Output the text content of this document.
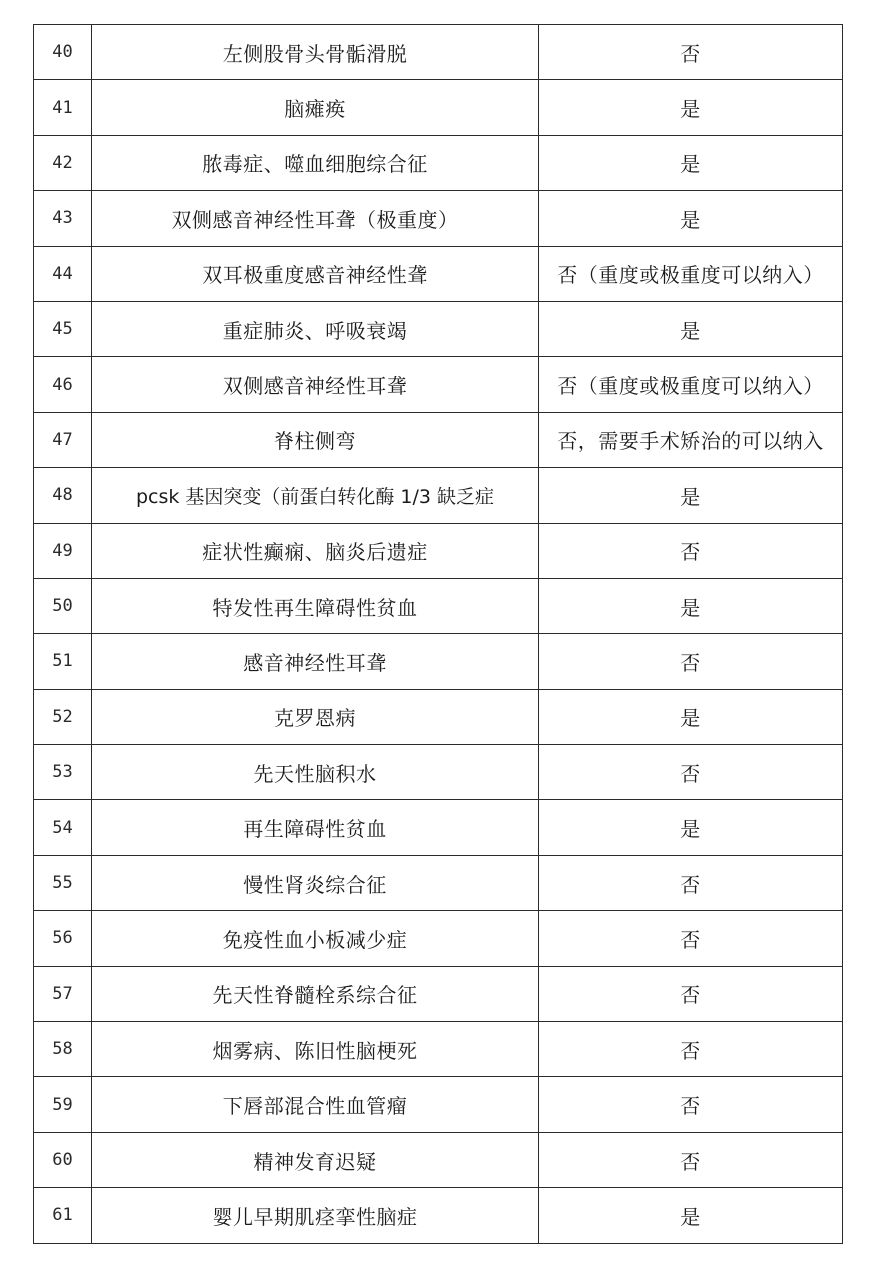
40	左侧股骨头骨骺滑脱	否
41	脑瘫痪	是
42	脓毒症、噬血细胞综合征	是
43	双侧感音神经性耳聋（极重度）	是
44	双耳极重度感音神经性聋	否（重度或极重度可以纳入）
45	重症肺炎、呼吸衰竭	是
46	双侧感音神经性耳聋	否（重度或极重度可以纳入）
47	脊柱侧弯	否，需要手术矫治的可以纳入
48	pcsk 基因突变（前蛋白转化酶 1/3 缺乏症	是
49	症状性癫痫、脑炎后遗症	否
50	特发性再生障碍性贫血	是
51	感音神经性耳聋	否
52	克罗恩病	是
53	先天性脑积水	否
54	再生障碍性贫血	是
55	慢性肾炎综合征	否
56	免疫性血小板减少症	否
57	先天性脊髓栓系综合征	否
58	烟雾病、陈旧性脑梗死	否
59	下唇部混合性血管瘤	否
60	精神发育迟疑	否
61	婴儿早期肌痉挛性脑症	是
